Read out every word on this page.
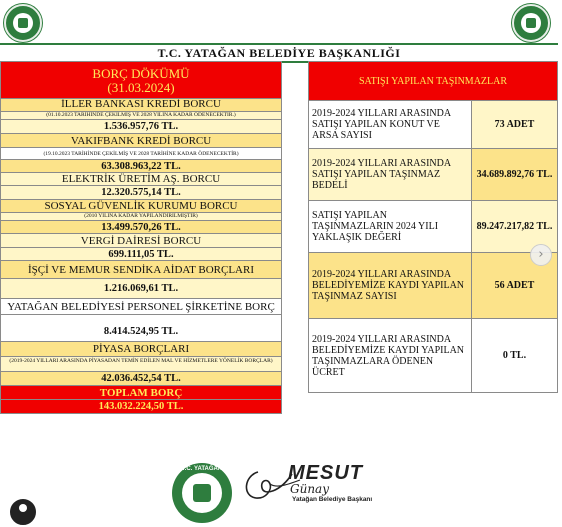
T.C. YATAĞAN BELEDİYE BAŞKANLIĞI
BORÇ DÖKÜMÜ
(31.03.2024)
İLLER BANKASI KREDİ BORCU
(01.10.2023 TARİHİNDE ÇEKİLMİŞ VE 2028 YILINA KADAR ÖDENECEKTİR.)
1.536.957,76 TL.
VAKIFBANK KREDİ BORCU
(19.10.2023 TARİHİNDE ÇEKİLMİŞ VE 2028 TARİHİNE KADAR ÖDENECEKTİR)
63.308.963,22 TL.
ELEKTRİK ÜRETİM AŞ. BORCU
12.320.575,14 TL.
SOSYAL GÜVENLİK KURUMU BORCU
(2010 YILINA KADAR YAPILANDIRILMIŞTIR)
13.499.570,26 TL.
VERGİ DAİRESİ BORCU
699.111,05 TL.
İŞÇİ VE MEMUR SENDİKA AİDAT BORÇLARI
1.216.069,61 TL.
YATAĞAN BELEDİYESİ PERSONEL ŞİRKETİNE BORÇ
8.414.524,95 TL.
PİYASA BORÇLARI
(2019-2024 YILLARI ARASINDA PİYASADAN TEMİN EDİLEN MAL VE HİZMETLERE YÖNELİK BORÇLAR)
42.036.452,54 TL.
TOPLAM BORÇ
143.032.224,50 TL.
SATIŞI YAPILAN TAŞINMAZLAR	
2019-2024 YILLARI ARASINDA SATIŞI YAPILAN KONUT VE ARSA SAYISI	73 ADET
2019-2024 YILLARI ARASINDA SATIŞI YAPILAN TAŞINMAZ BEDELİ	34.689.892,76 TL.
SATIŞI YAPILAN TAŞINMAZLARIN 2024 YILI YAKLAŞIK DEĞERİ	89.247.217,82 TL.
2019-2024 YILLARI ARASINDA BELEDİYEMİZE KAYDI YAPILAN TAŞINMAZ SAYISI	56 ADET
2019-2024 YILLARI ARASINDA BELEDİYEMİZE KAYDI YAPILAN TAŞINMAZLARA ÖDENEN ÜCRET	0 TL.
›
T.C. YATAĞAN	MESUT
Günay
Yatağan Belediye Başkanı
